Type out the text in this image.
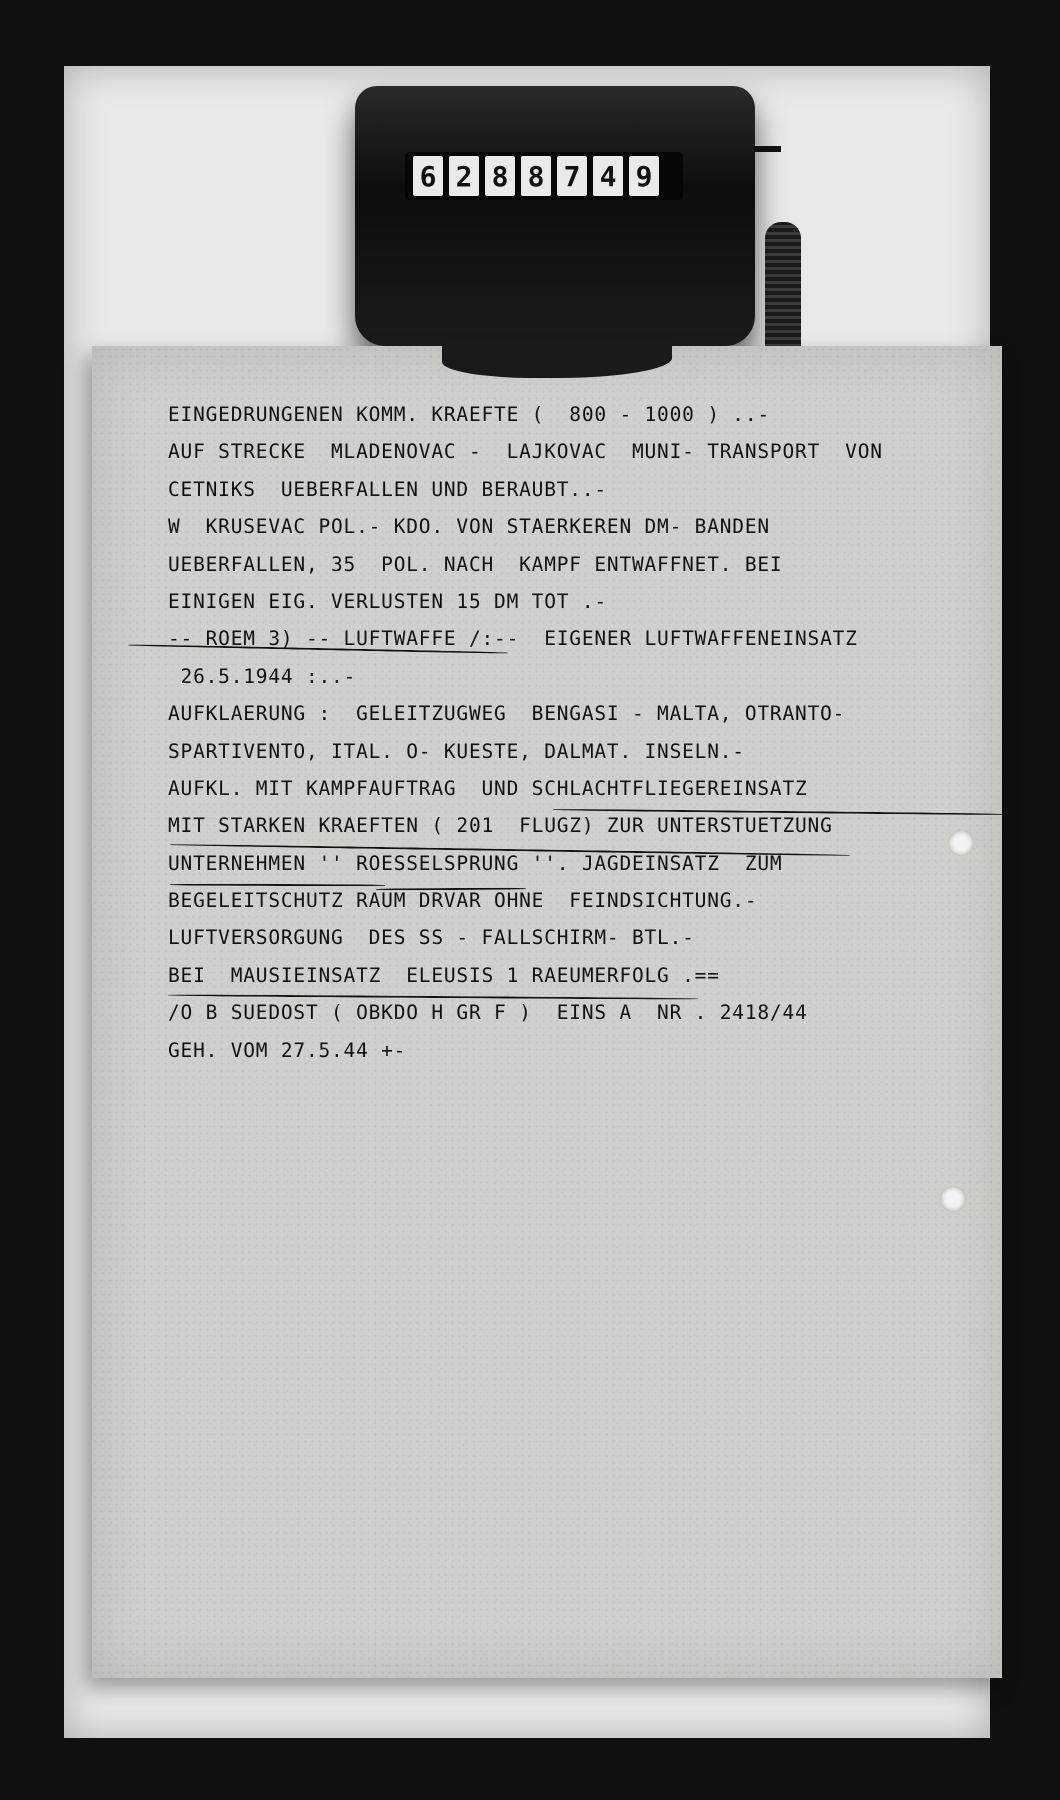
6 2 8 8 7 4 9
EINGEDRUNGENEN KOMM. KRAEFTE (  800 - 1000 ) ..-
AUF STRECKE  MLADENOVAC -  LAJKOVAC  MUNI- TRANSPORT  VON
CETNIKS  UEBERFALLEN UND BERAUBT..-
W  KRUSEVAC POL.- KDO. VON STAERKEREN DM- BANDEN
UEBERFALLEN, 35  POL. NACH  KAMPF ENTWAFFNET. BEI
EINIGEN EIG. VERLUSTEN 15 DM TOT .-
-- ROEM 3) -- LUFTWAFFE /:--  EIGENER LUFTWAFFENEINSATZ
26.5.1944 :..-
AUFKLAERUNG :  GELEITZUGWEG  BENGASI - MALTA, OTRANTO-
SPARTIVENTO, ITAL. O- KUESTE, DALMAT. INSELN.-
AUFKL. MIT KAMPFAUFTRAG  UND SCHLACHTFLIEGEREINSATZ
MIT STARKEN KRAEFTEN ( 201  FLUGZ) ZUR UNTERSTUETZUNG
UNTERNEHMEN '' ROESSELSPRUNG ''. JAGDEINSATZ  ZUM
BEGELEITSCHUTZ RAUM DRVAR OHNE  FEINDSICHTUNG.-
LUFTVERSORGUNG  DES SS - FALLSCHIRM- BTL.-
BEI  MAUSIEINSATZ  ELEUSIS 1 RAEUMERFOLG .==
/O B SUEDOST ( OBKDO H GR F )  EINS A  NR . 2418/44
GEH. VOM 27.5.44 +-
